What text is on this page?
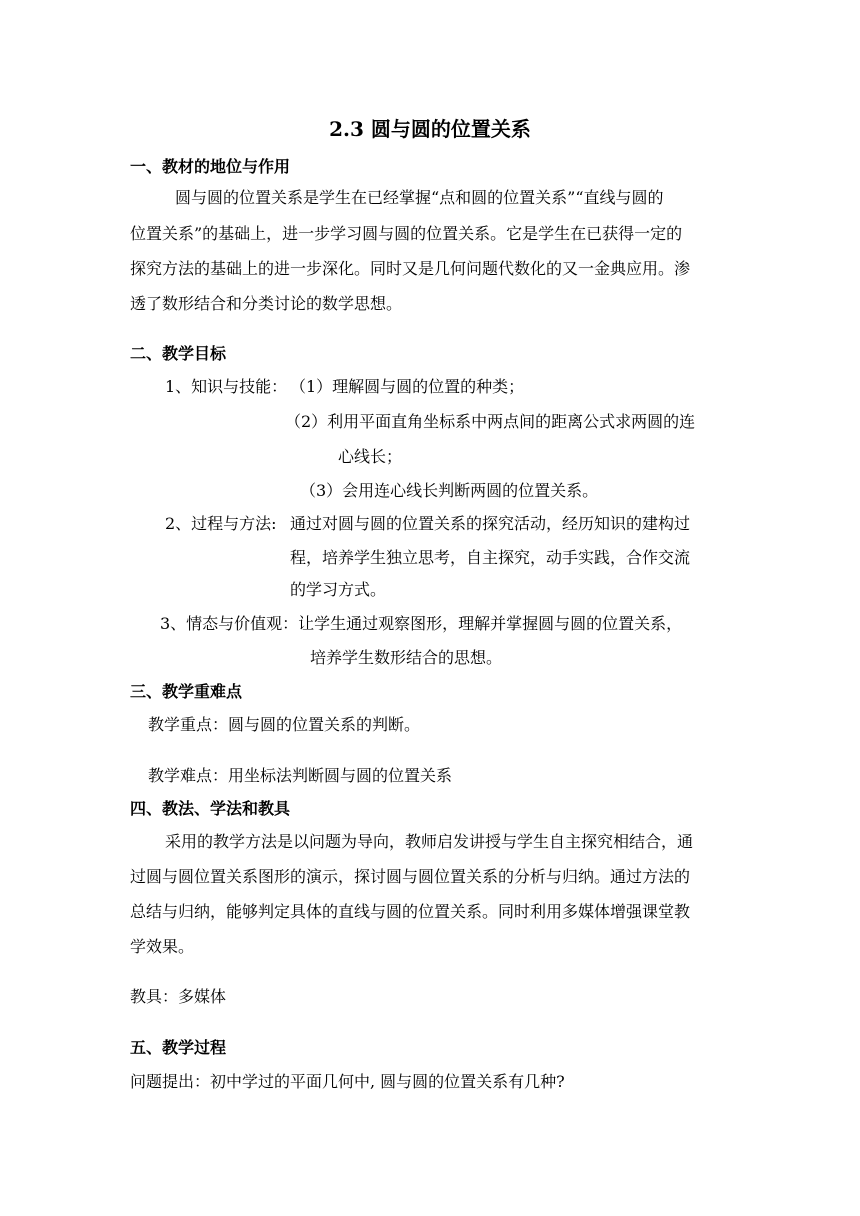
2.3 圆与圆的位置关系
一、教材的地位与作用
圆与圆的位置关系是学生在已经掌握“点和圆的位置关系”“直线与圆的
位置关系”的基础上，进一步学习圆与圆的位置关系。它是学生在已获得一定的
探究方法的基础上的进一步深化。同时又是几何问题代数化的又一金典应用。渗
透了数形结合和分类讨论的数学思想。
二、教学目标
1、知识与技能： （1）理解圆与圆的位置的种类；
（2）利用平面直角坐标系中两点间的距离公式求两圆的连
心线长；
（3）会用连心线长判断两圆的位置关系。
2、过程与方法: 通过对圆与圆的位置关系的探究活动，经历知识的建构过
程，培养学生独立思考，自主探究，动手实践，合作交流
的学习方式。
3、情态与价值观：让学生通过观察图形，理解并掌握圆与圆的位置关系，
培养学生数形结合的思想。
三、教学重难点
教学重点：圆与圆的位置关系的判断。
教学难点：用坐标法判断圆与圆的位置关系
四、教法、学法和教具
采用的教学方法是以问题为导向，教师启发讲授与学生自主探究相结合，通
过圆与圆位置关系图形的演示，探讨圆与圆位置关系的分析与归纳。通过方法的
总结与归纳，能够判定具体的直线与圆的位置关系。同时利用多媒体增强课堂教
学效果。
教具：多媒体
五、教学过程
问题提出：初中学过的平面几何中, 圆与圆的位置关系有几种?
